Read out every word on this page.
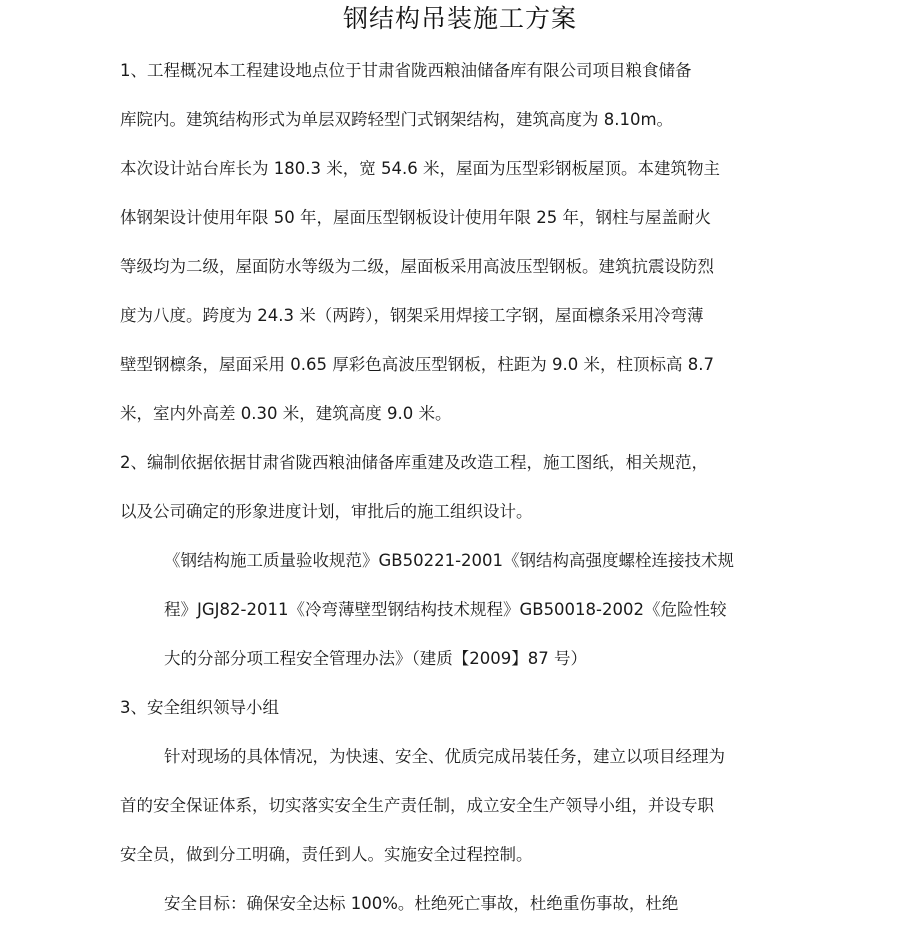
钢结构吊装施工方案
1、工程概况本工程建设地点位于甘肃省陇西粮油储备库有限公司项目粮食储备
库院内。建筑结构形式为单层双跨轻型门式钢架结构，建筑高度为 8.10m。
本次设计站台库长为 180.3 米，宽 54.6 米，屋面为压型彩钢板屋顶。本建筑物主
体钢架设计使用年限 50 年，屋面压型钢板设计使用年限 25 年，钢柱与屋盖耐火
等级均为二级，屋面防水等级为二级，屋面板采用高波压型钢板。建筑抗震设防烈
度为八度。跨度为 24.3 米（两跨），钢架采用焊接工字钢，屋面檩条采用冷弯薄
壁型钢檩条，屋面采用 0.65 厚彩色高波压型钢板，柱距为 9.0 米，柱顶标高 8.7
米，室内外高差 0.30 米，建筑高度 9.0 米。
2、编制依据依据甘肃省陇西粮油储备库重建及改造工程，施工图纸，相关规范，
以及公司确定的形象进度计划，审批后的施工组织设计。
《钢结构施工质量验收规范》GB50221-2001《钢结构高强度螺栓连接技术规
程》JGJ82-2011《冷弯薄壁型钢结构技术规程》GB50018-2002《危险性较
大的分部分项工程安全管理办法》（建质【2009】87 号）
3、安全组织领导小组
针对现场的具体情况，为快速、安全、优质完成吊装任务，建立以项目经理为
首的安全保证体系，切实落实安全生产责任制，成立安全生产领导小组，并设专职
安全员，做到分工明确，责任到人。实施安全过程控制。
安全目标：确保安全达标 100%。杜绝死亡事故，杜绝重伤事故，杜绝
